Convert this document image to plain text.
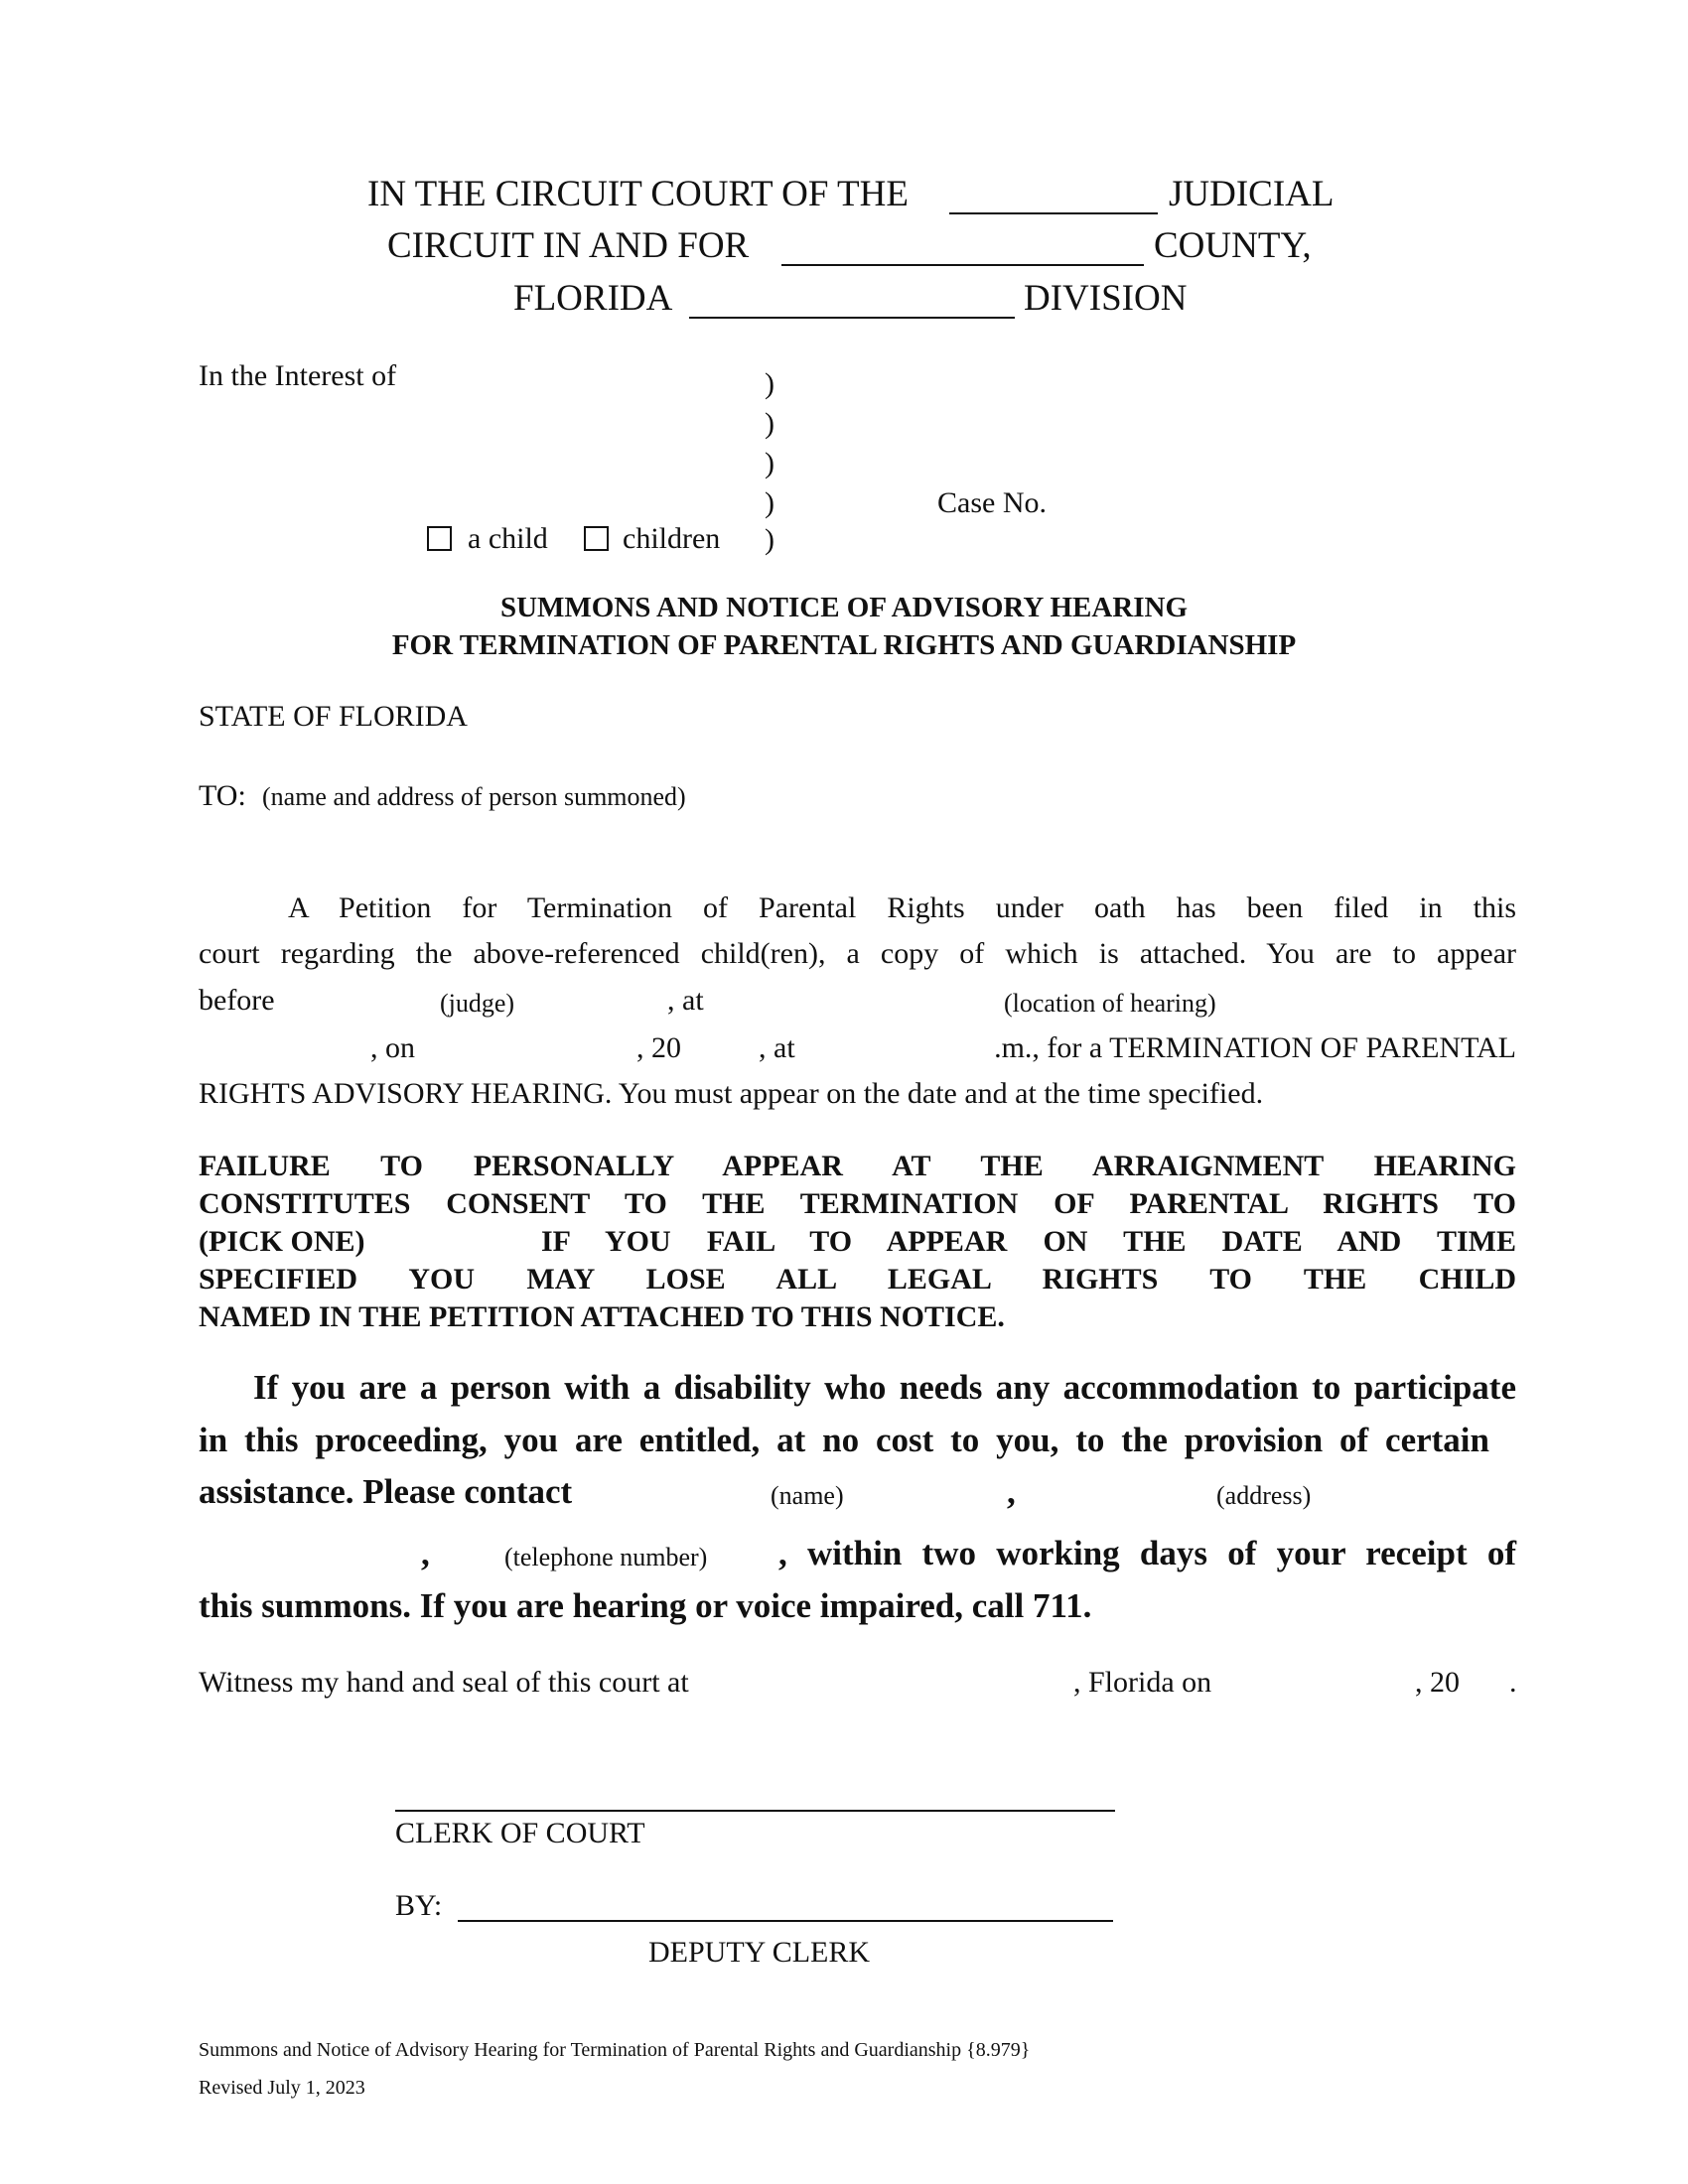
IN THE CIRCUIT COURT OF THE	JUDICIAL
CIRCUIT IN AND FOR	COUNTY,
FLORIDA	DIVISION
In the Interest of	)
)
)
)
)
a child	children
Case No.
SUMMONS AND NOTICE OF ADVISORY HEARING
FOR TERMINATION OF PARENTAL RIGHTS AND GUARDIANSHIP
STATE OF FLORIDA
TO: (name and address of person summoned)
A Petition for Termination of Parental Rights under oath has been filed in this
court regarding the above-referenced child(ren), a copy of which is attached. You are to appear
before	(judge)	, at	(location of hearing)
, on	, 20	, at	.m., for a TERMINATION OF PARENTAL
RIGHTS ADVISORY HEARING. You must appear on the date and at the time specified.
FAILURE TO PERSONALLY APPEAR AT THE ARRAIGNMENT HEARING
CONSTITUTES CONSENT TO THE TERMINATION OF PARENTAL RIGHTS TO
(PICK ONE)	IF YOU FAIL TO APPEAR ON THE DATE AND TIME
SPECIFIED YOU MAY LOSE ALL LEGAL RIGHTS TO THE CHILD
NAMED IN THE PETITION ATTACHED TO THIS NOTICE.
If you are a person with a disability who needs any accommodation to participate
in this proceeding, you are entitled, at no cost to you, to the provision of certain
assistance. Please contact	(name)	,	(address)
,	(telephone number) , within two working days of your receipt of
this summons. If you are hearing or voice impaired, call 711.
Witness my hand and seal of this court at	, Florida on	, 20 .
CLERK OF COURT
BY:
DEPUTY CLERK
Summons and Notice of Advisory Hearing for Termination of Parental Rights and Guardianship {8.979}
Revised July 1, 2023
